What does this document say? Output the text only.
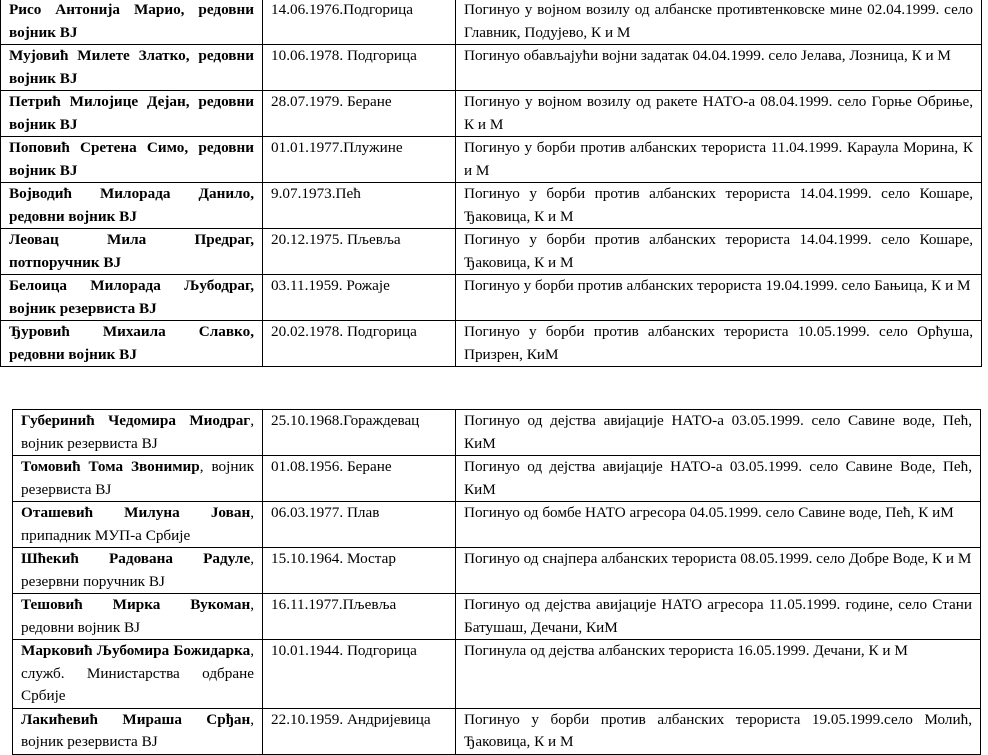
Рисо Антонија Марио, редовни војник ВЈ	14.06.1976.Подгорица	Погинуо у војном возилу од албанске противтенковске мине 02.04.1999. село Главник, Подујево, К и М
Мујовић Милете Златко, редовни војник ВЈ	10.06.1978. Подгорица	Погинуо обављајући војни задатак 04.04.1999. село Јелава, Лозница, К и М
Петрић Милојице Дејан, редовни војник ВЈ	28.07.1979. Беране	Погинуо у војном возилу од ракете НАТО-а 08.04.1999. село Горње Обриње, К и М
Поповић Сретена Симо, редовни војник ВЈ	01.01.1977.Плужине	Погинуо у борби против албанских терориста 11.04.1999. Караула Морина, К и М
Војводић Милорада Данило, редовни војник ВЈ	9.07.1973.Пећ	Погинуо у борби против албанских терориста 14.04.1999. село Кошаре, Ђаковица, К и М
Леовац Мила Предраг, потпоручник ВЈ	20.12.1975. Пљевља	Погинуо у борби против албанских терориста 14.04.1999. село Кошаре, Ђаковица, К и М
Белоица Милорада Љубодраг, војник резервиста ВЈ	03.11.1959. Рожаје	Погинуо у борби против албанских терориста 19.04.1999. село Бањица, К и М
Ђуровић Михаила Славко, редовни војник ВЈ	20.02.1978. Подгорица	Погинуо у борби против албанских терориста 10.05.1999. село Орћуша, Призрен, КиМ
Губеринић Чедомира Миодраг, војник резервиста ВЈ	25.10.1968.Гораждевац	Погинуо од дејства авијације НАТО-а 03.05.1999. село Савине воде, Пећ, КиМ
Томовић Тома Звонимир, војник резервиста ВЈ	01.08.1956. Беране	Погинуо од дејства авијације НАТО-а 03.05.1999. село Савине Воде, Пећ, КиМ
Оташевић Милуна Јован, припадник МУП-а Србије	06.03.1977. Плав	Погинуо од бомбе НАТО агресора 04.05.1999. село Савине воде, Пећ, К иМ
Шћекић Радована Радуле, резервни поручник ВЈ	15.10.1964. Мостар	Погинуо од снајпера албанских терориста 08.05.1999. село Добре Воде, К и М
Тешовић Мирка Вукоман, редовни војник ВЈ	16.11.1977.Пљевља	Погинуо од дејства авијације НАТО агресора 11.05.1999. године, село Стани Батушаш, Дечани, КиМ
Марковић Љубомира Божидарка, служб. Министарства одбране Србије	10.01.1944. Подгорица	Погинула од дејства албанских терориста 16.05.1999. Дечани, К и М
Лакићевић Мираша Срђан, војник резервиста ВЈ	22.10.1959. Андријевица	Погинуо у борби против албанских терориста 19.05.1999.село Молић, Ђаковица, К и М
